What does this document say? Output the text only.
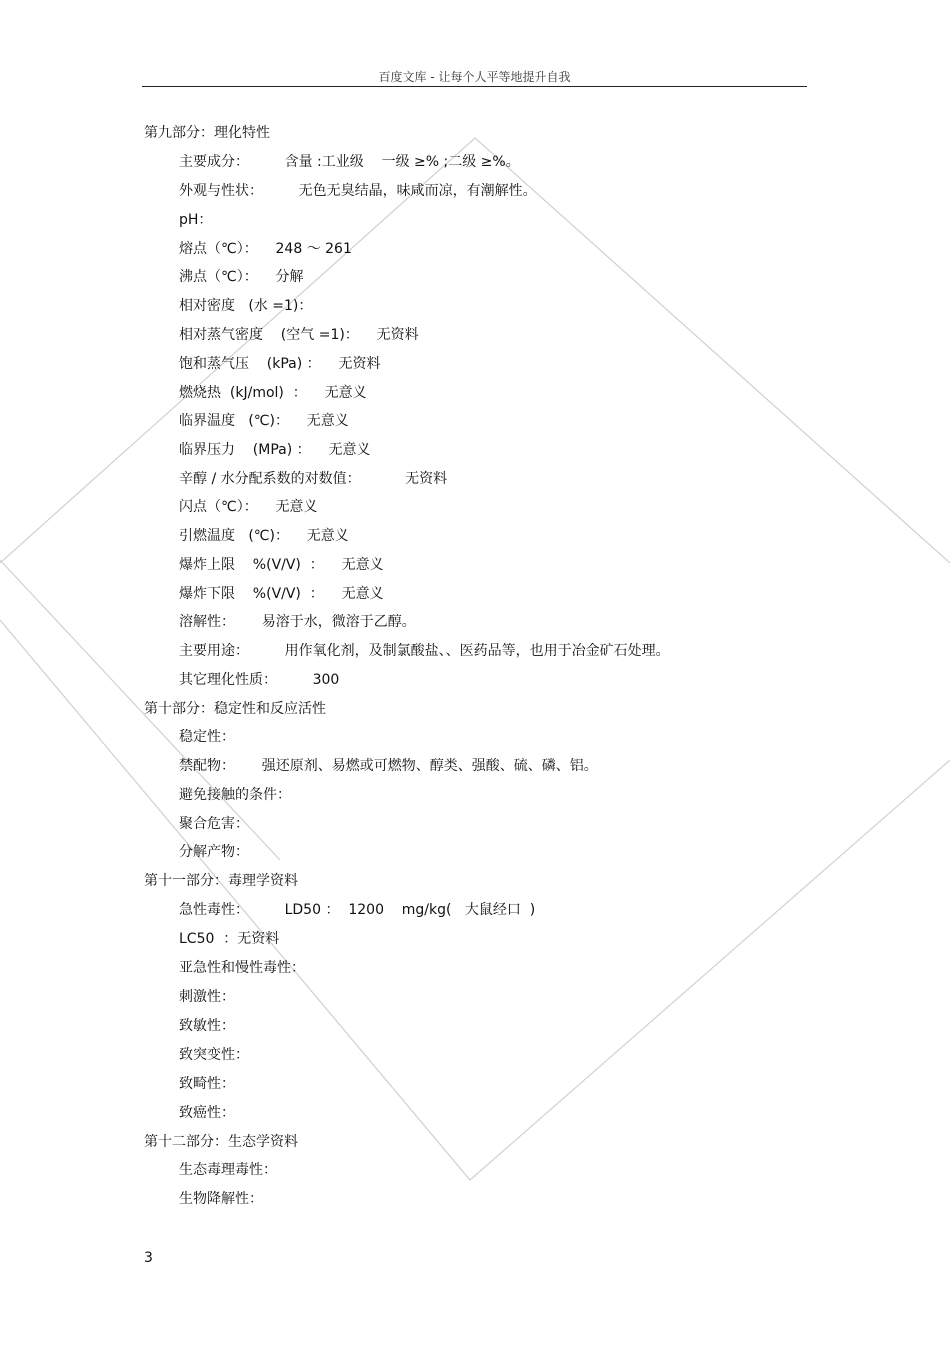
百度文库 - 让每个人平等地提升自我
第九部分：理化特性
主要成分：        含量 :工业级    一级 ≥% ;二级 ≥%。
外观与性状：        无色无臭结晶，味咸而凉，有潮解性。
pH：
熔点（℃）：    248 ～ 261
沸点（℃）：    分解
相对密度   (水 =1)：
相对蒸气密度    (空气 =1)：    无资料
饱和蒸气压    (kPa) ：    无资料
燃烧热  (kJ/mol)  ：    无意义
临界温度   (℃)：    无意义
临界压力    (MPa) ：    无意义
辛醇 / 水分配系数的对数值：          无资料
闪点（℃）：    无意义
引燃温度   (℃)：    无意义
爆炸上限    %(V/V)  ：    无意义
爆炸下限    %(V/V)  ：    无意义
溶解性：      易溶于水，微溶于乙醇。
主要用途：        用作氧化剂，及制氯酸盐、、医药品等，也用于冶金矿石处理。
其它理化性质：        300
第十部分：稳定性和反应活性
稳定性：
禁配物：      强还原剂、易燃或可燃物、醇类、强酸、硫、磷、铝。
避免接触的条件：
聚合危害：
分解产物：
第十一部分：毒理学资料
急性毒性：        LD50 ：  1200    mg/kg(   大鼠经口  )
LC50  ：无资料
亚急性和慢性毒性：
刺激性：
致敏性：
致突变性：
致畸性：
致癌性：
第十二部分：生态学资料
生态毒理毒性：
生物降解性：
3
